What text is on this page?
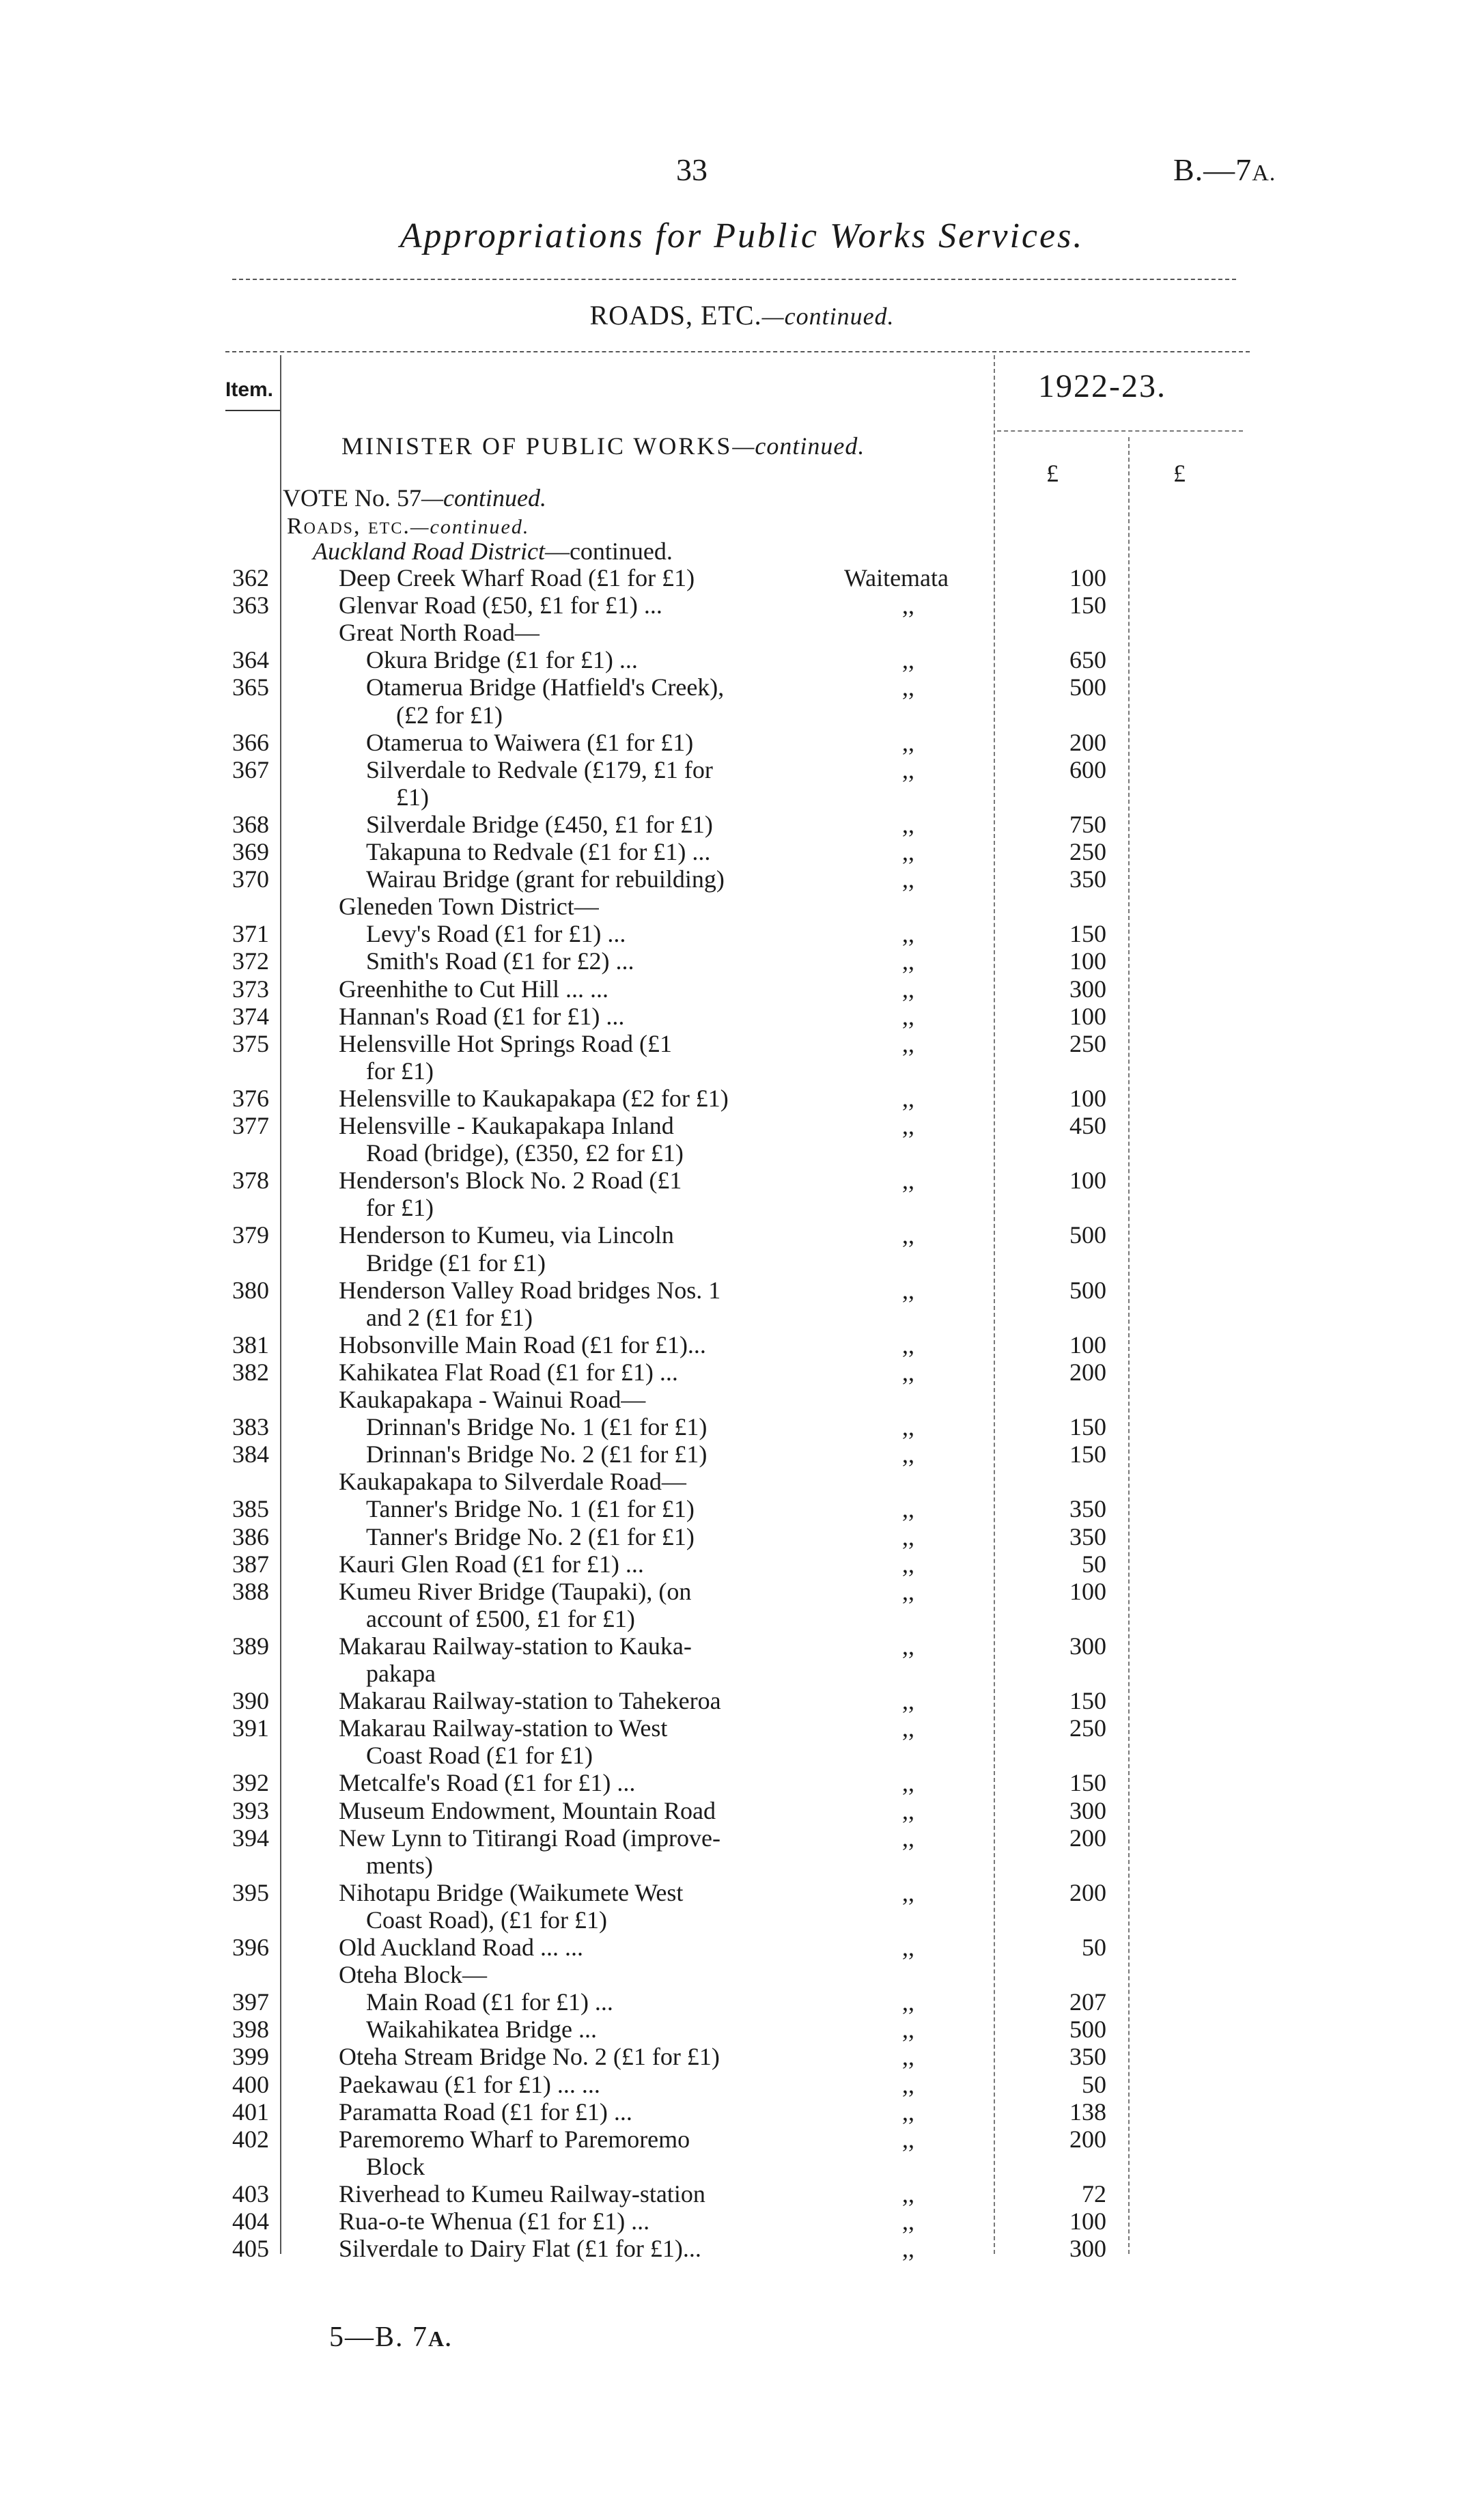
33	B.—7A.
Appropriations for Public Works Services.
ROADS, ETC.—continued.
Item.	1922-23.
£	£
MINISTER OF PUBLIC WORKS—continued.
VOTE No. 57—continued.
Roads, etc.—continued.
Auckland Road District—continued.
362	Deep Creek Wharf Road (£1 for £1)	Waitemata	100
363	Glenvar Road (£50, £1 for £1) ...	,,	150
Great North Road—
364	Okura Bridge (£1 for £1) ...	,,	650
365	Otamerua Bridge (Hatfield's Creek),	,,	500
(£2 for £1)
366	Otamerua to Waiwera (£1 for £1)	,,	200
367	Silverdale to Redvale (£179, £1 for	,,	600
£1)
368	Silverdale Bridge (£450, £1 for £1)	,,	750
369	Takapuna to Redvale (£1 for £1) ...	,,	250
370	Wairau Bridge (grant for rebuilding)	,,	350
Gleneden Town District—
371	Levy's Road (£1 for £1) ...	,,	150
372	Smith's Road (£1 for £2) ...	,,	100
373	Greenhithe to Cut Hill ... ...	,,	300
374	Hannan's Road (£1 for £1) ...	,,	100
375	Helensville Hot Springs Road (£1	,,	250
for £1)
376	Helensville to Kaukapakapa (£2 for £1)	,,	100
377	Helensville - Kaukapakapa Inland	,,	450
Road (bridge), (£350, £2 for £1)
378	Henderson's Block No. 2 Road (£1	,,	100
for £1)
379	Henderson to Kumeu, via Lincoln	,,	500
Bridge (£1 for £1)
380	Henderson Valley Road bridges Nos. 1	,,	500
and 2 (£1 for £1)
381	Hobsonville Main Road (£1 for £1)...	,,	100
382	Kahikatea Flat Road (£1 for £1) ...	,,	200
Kaukapakapa - Wainui Road—
383	Drinnan's Bridge No. 1 (£1 for £1)	,,	150
384	Drinnan's Bridge No. 2 (£1 for £1)	,,	150
Kaukapakapa to Silverdale Road—
385	Tanner's Bridge No. 1 (£1 for £1)	,,	350
386	Tanner's Bridge No. 2 (£1 for £1)	,,	350
387	Kauri Glen Road (£1 for £1) ...	,,	50
388	Kumeu River Bridge (Taupaki), (on	,,	100
account of £500, £1 for £1)
389	Makarau Railway-station to Kauka-	,,	300
pakapa
390	Makarau Railway-station to Tahekeroa	,,	150
391	Makarau Railway-station to West	,,	250
Coast Road (£1 for £1)
392	Metcalfe's Road (£1 for £1) ...	,,	150
393	Museum Endowment, Mountain Road	,,	300
394	New Lynn to Titirangi Road (improve-	,,	200
ments)
395	Nihotapu Bridge (Waikumete West	,,	200
Coast Road), (£1 for £1)
396	Old Auckland Road ... ...	,,	50
Oteha Block—
397	Main Road (£1 for £1) ...	,,	207
398	Waikahikatea Bridge ...	,,	500
399	Oteha Stream Bridge No. 2 (£1 for £1)	,,	350
400	Paekawau (£1 for £1) ... ...	,,	50
401	Paramatta Road (£1 for £1) ...	,,	138
402	Paremoremo Wharf to Paremoremo	,,	200
Block
403	Riverhead to Kumeu Railway-station	,,	72
404	Rua-o-te Whenua (£1 for £1) ...	,,	100
405	Silverdale to Dairy Flat (£1 for £1)...	,,	300
5—B. 7A.
